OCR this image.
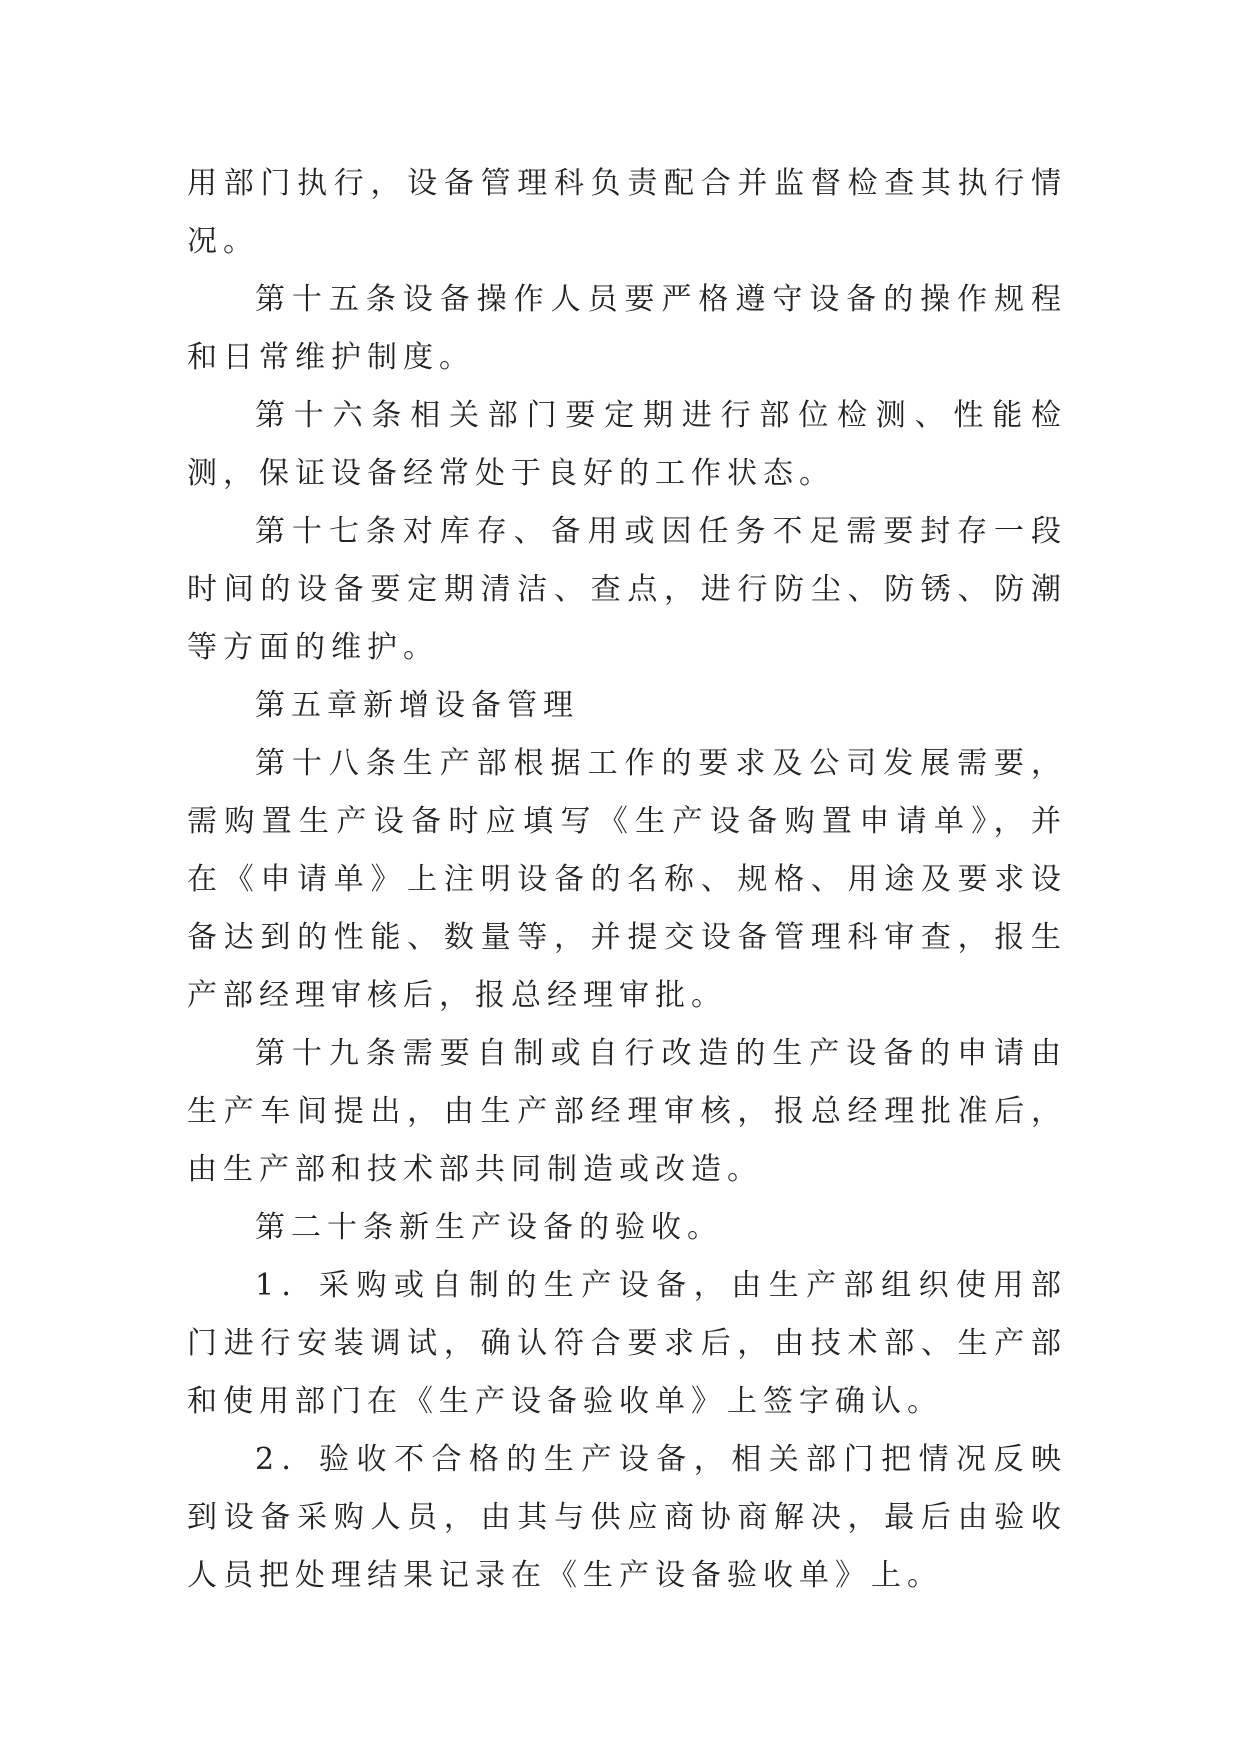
用部门执行，设备管理科负责配合并监督检查其执行情况。

第十五条设备操作人员要严格遵守设备的操作规程和日常维护制度。

第十六条相关部门要定期进行部位检测、性能检测，保证设备经常处于良好的工作状态。

第十七条对库存、备用或因任务不足需要封存一段时间的设备要定期清洁、查点，进行防尘、防锈、防潮等方面的维护。

第五章新增设备管理

第十八条生产部根据工作的要求及公司发展需要，需购置生产设备时应填写《生产设备购置申请单》，并在《申请单》上注明设备的名称、规格、用途及要求设备达到的性能、数量等，并提交设备管理科审查，报生产部经理审核后，报总经理审批。

第十九条需要自制或自行改造的生产设备的申请由生产车间提出，由生产部经理审核，报总经理批准后，由生产部和技术部共同制造或改造。

第二十条新生产设备的验收。

1．采购或自制的生产设备，由生产部组织使用部门进行安装调试，确认符合要求后，由技术部、生产部和使用部门在《生产设备验收单》上签字确认。

2．验收不合格的生产设备，相关部门把情况反映到设备采购人员，由其与供应商协商解决，最后由验收人员把处理结果记录在《生产设备验收单》上。
